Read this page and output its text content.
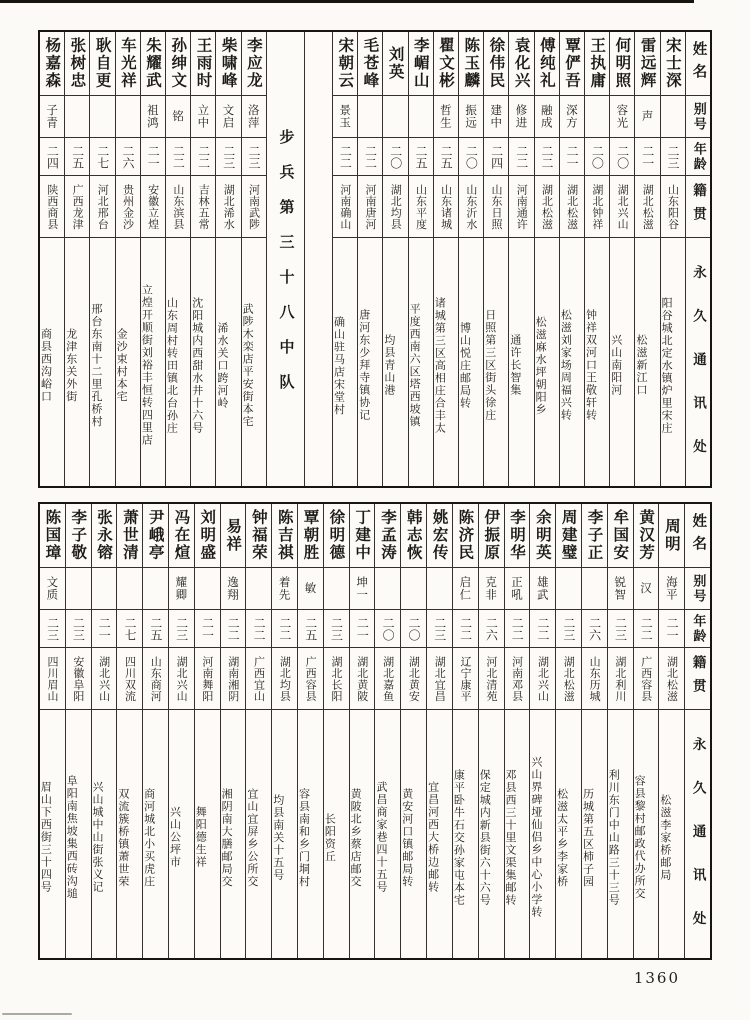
姓名
别号
年龄
籍贯
永久通讯处
宋士深
二三
山东阳谷
阳谷城北定水镇炉里宋庄
雷远辉
声
二一
湖北松滋
松滋新江口
何明照
容光
二〇
湖北兴山
兴山南阳河
王执庸
二〇
湖北钟祥
钟祥双河口王敬轩转
覃俨吾
深方
二一
湖北松滋
松滋刘家场周福兴转
傅纯礼
融成
二二
湖北松滋
松滋麻水坪朝阳乡
袁化兴
修进
二二
河南通许
通许长智集
徐伟民
建中
二四
山东日照
日照第三区街头徐庄
陈玉麟
振远
二〇
山东沂水
博山悦庄邮局转
瞿文彬
哲生
二五
山东诸城
诸城第三区高相庄合丰太
李嵋山
二五
山东平度
平度西南六区塔西坡镇
刘英
二〇
湖北均县
均县青山港
毛苍峰
二二
河南唐河
唐河东少拜寺镇协记
宋朝云
景玉
二二
河南确山
确山驻马店宋堂村
步兵第三十八中队
李应龙
洛萍
二三
河南武陟
武陟木栾店平安街本宅
柴啸峰
文启
二三
湖北浠水
浠水关口跨河岭
王雨时
立中
二二
吉林五常
沈阳城内西甜水井十六号
孙绅文
铭
二二
山东滨县
山东周村转田镇北台孙庄
朱耀武
祖鸿
二一
安徽立煌
立煌开顺街刘裕丰恒转四里店
车光祥
二六
贵州金沙
金沙束村本宅
耿自更
二七
河北邢台
邢台东南十二里孔桥村
张树忠
二五
广西龙津
龙津东关外街
杨嘉森
子青
二四
陕西商县
商县西沟峪口
姓名
别号
年龄
籍贯
永久通讯处
周明
海平
二一
湖北松滋
松滋李家桥邮局
黄汉芳
汉
二二
广西容县
容县黎村邮政代办所交
牟国安
锐智
二三
湖北利川
利川东门中山路三十三号
李子正
二六
山东历城
历城第五区柿子园
周建璧
二三
湖北松滋
松滋太平乡李家桥
余明英
雄武
二二
湖北兴山
兴山界碑垭仙侣乡中心小学转
李明华
正吼
二二
河南邓县
邓县西三十里文渠集邮转
伊振原
克非
二六
河北清苑
保定城内新县街六十六号
陈济民
启仁
二二
辽宁康平
康平卧牛石交孙家屯本宅
姚宏传
二三
湖北宜昌
宜昌河西大桥边邮转
韩志恢
二〇
湖北黄安
黄安河口镇邮局转
李孟涛
二〇
湖北嘉鱼
武昌商家巷四十五号
丁建中
坤一
二一
湖北黄陂
黄陂北乡蔡店邮交
徐明德
二三
湖北长阳
长阳资丘
覃朝胜
敏
二五
广西容县
容县南和乡门垌村
陈吉祺
着先
二二
湖北均县
均县南关十五号
钟福荣
二二
广西宜山
宜山宜屏乡公所交
易祥
逸翔
二二
湖南湘阴
湘阴南大膳邮局交
刘明盛
二一
河南舞阳
舞阳德生祥
冯在煊
耀卿
二三
湖北兴山
兴山公坪市
尹峨亭
二五
山东商河
商河城北小买虎庄
萧世清
二七
四川双流
双流簇桥镇萧世荣
张永镕
二一
湖北兴山
兴山城中山街张义记
李子敬
二三
安徽阜阳
阜阳南焦坡集西砖沟塠
陈国璋
文质
二三
四川眉山
眉山下西街三十四号
1360
